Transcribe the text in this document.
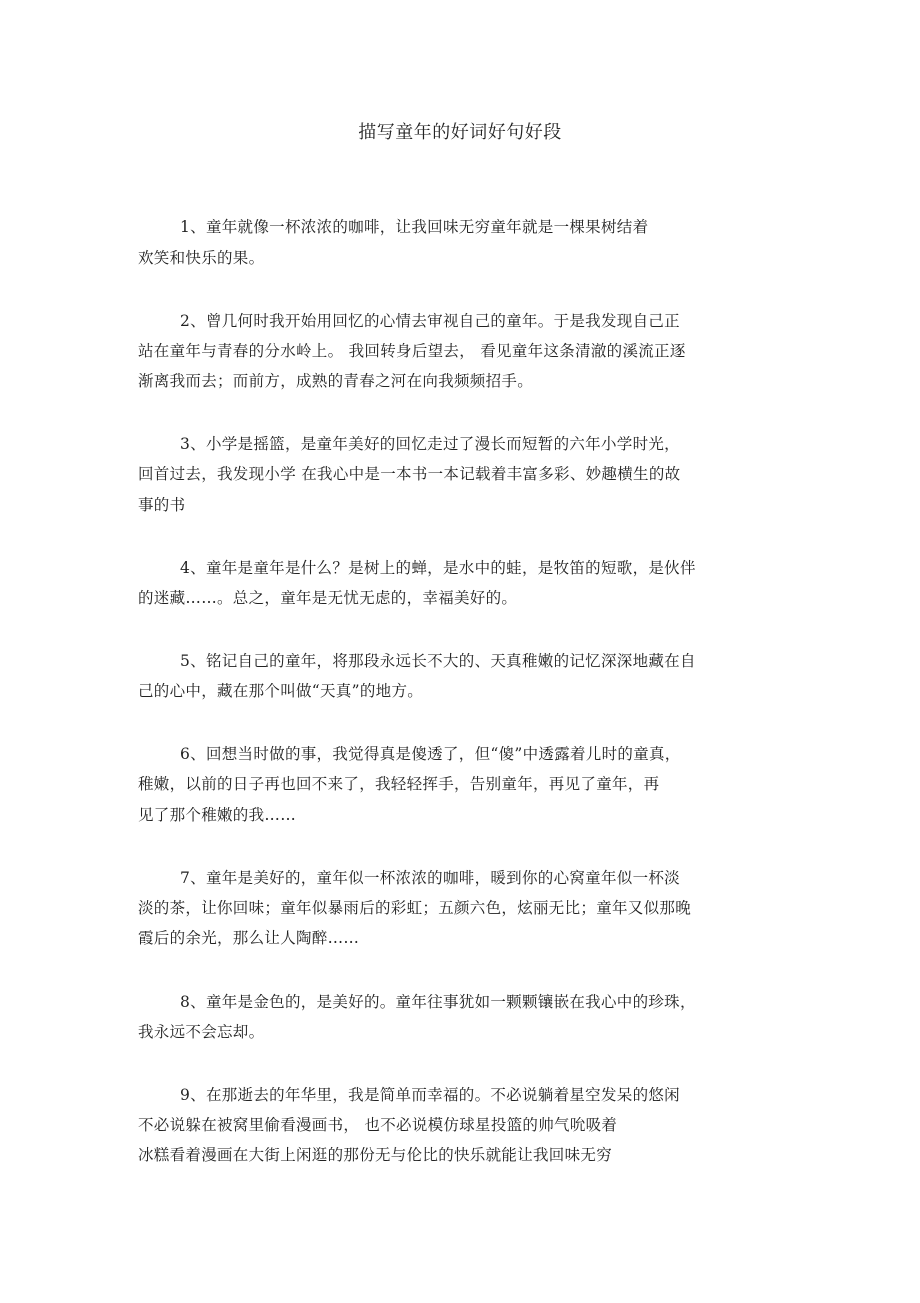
描写童年的好词好句好段
1、童年就像一杯浓浓的咖啡，让我回味无穷童年就是一棵果树结着
欢笑和快乐的果。
2、曾几何时我开始用回忆的心情去审视自己的童年。于是我发现自己正
站在童年与青春的分水岭上。 我回转身后望去， 看见童年这条清澈的溪流正逐
渐离我而去；而前方，成熟的青春之河在向我频频招手。
3、小学是摇篮，是童年美好的回忆走过了漫长而短暂的六年小学时光，
回首过去，我发现小学 在我心中是一本书一本记载着丰富多彩、妙趣横生的故
事的书
4、童年是童年是什么？是树上的蝉，是水中的蛙，是牧笛的短歌，是伙伴
的迷藏……。总之，童年是无忧无虑的，幸福美好的。
5、铭记自己的童年，将那段永远长不大的、天真稚嫩的记忆深深地藏在自
己的心中，藏在那个叫做“天真”的地方。
6、回想当时做的事，我觉得真是傻透了，但“傻”中透露着儿时的童真，
稚嫩，以前的日子再也回不来了，我轻轻挥手，告别童年，再见了童年，再
见了那个稚嫩的我……
7、童年是美好的，童年似一杯浓浓的咖啡，暖到你的心窝童年似一杯淡
淡的茶，让你回味；童年似暴雨后的彩虹；五颜六色，炫丽无比；童年又似那晚
霞后的余光，那么让人陶醉……
8、童年是金色的，是美好的。童年往事犹如一颗颗镶嵌在我心中的珍珠，
我永远不会忘却。
9、在那逝去的年华里，我是简单而幸福的。不必说躺着星空发呆的悠闲
不必说躲在被窝里偷看漫画书， 也不必说模仿球星投篮的帅气吮吸着
冰糕看着漫画在大街上闲逛的那份无与伦比的快乐就能让我回味无穷
